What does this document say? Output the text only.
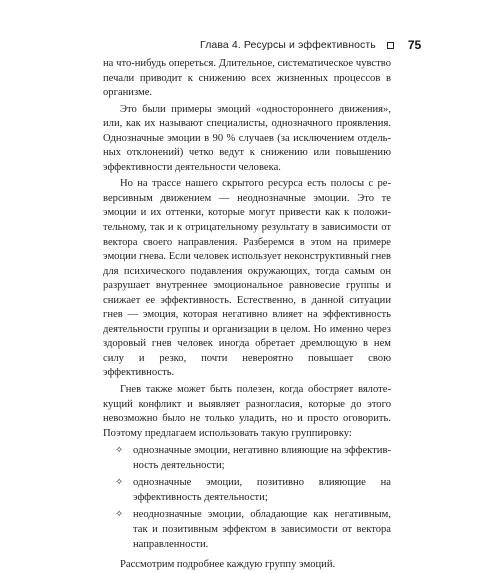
Глава 4. Ресурсы и эффективность	75

на что-нибудь опереться. Длительное, систематическое чувство печали приводит к снижению всех жизненных процессов в организме.

Это были примеры эмоций «одностороннего движения», или, как их называют специалисты, однозначного проявления. Однозначные эмоции в 90 % случаев (за исключением отдельных отклонений) четко ведут к снижению или повышению эффективности деятельности человека.

Но на трассе нашего скрытого ресурса есть полосы с реверсивным движением — неоднозначные эмоции. Это те эмоции и их оттенки, которые могут привести как к положительному, так и к отрицательному результату в зависимости от вектора своего направления. Разберемся в этом на примере эмоции гнева. Если человек использует неконструктивный гнев для психического подавления окружающих, тогда самым он разрушает внутреннее эмоциональное равновесие группы и снижает ее эффективность. Естественно, в данной ситуации гнев — эмоция, которая негативно влияет на эффективность деятельности группы и организации в целом. Но именно через здоровый гнев человек иногда обретает дремлющую в нем силу и резко, почти невероятно повышает свою эффективность.

Гнев также может быть полезен, когда обостряет вялотекущий конфликт и выявляет разногласия, которые до этого невозможно было не только уладить, но и просто оговорить. Поэтому предлагаем использовать такую группировку:

✧ однозначные эмоции, негативно влияющие на эффективность деятельности;
✧ однозначные эмоции, позитивно влияющие на эффективность деятельности;
✧ неоднозначные эмоции, обладающие как негативным, так и позитивным эффектом в зависимости от вектора направленности.

Рассмотрим подробнее каждую группу эмоций.
